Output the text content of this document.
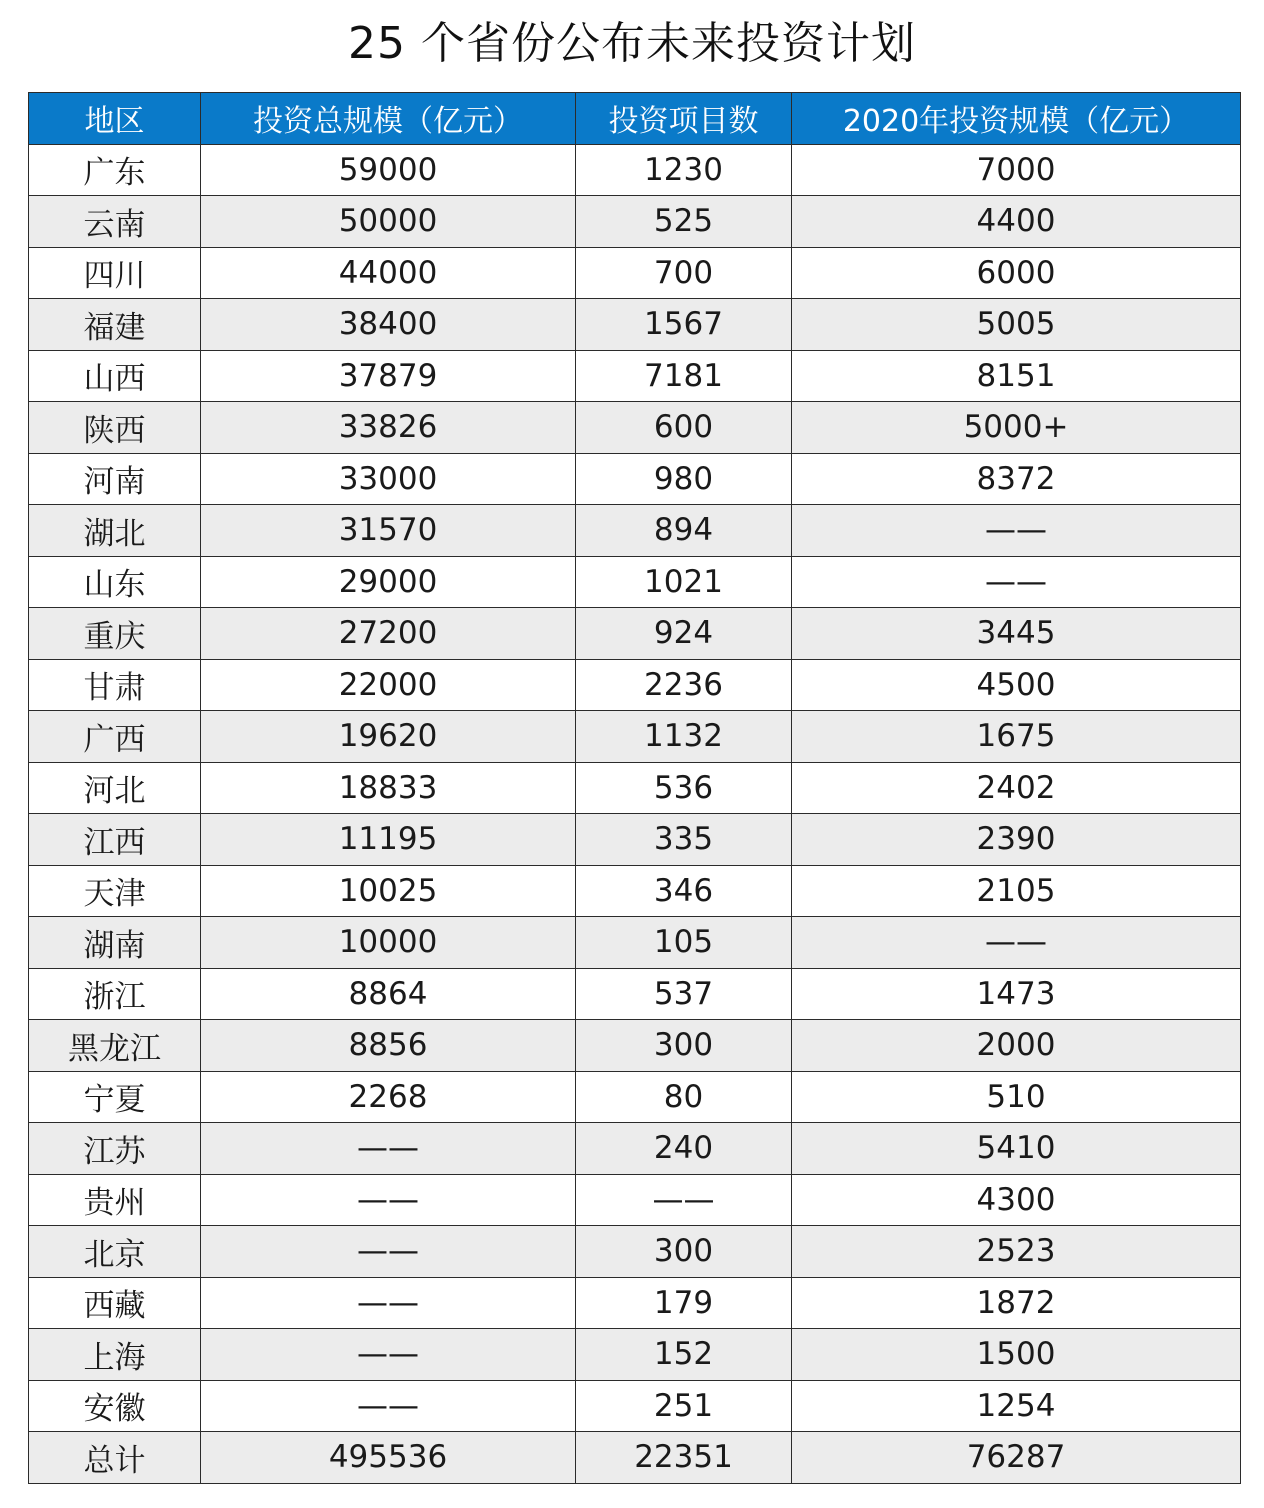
25 个省份公布未来投资计划
地区	投资总规模（亿元）	投资项目数	2020年投资规模（亿元）
广东	59000	1230	7000
云南	50000	525	4400
四川	44000	700	6000
福建	38400	1567	5005
山西	37879	7181	8151
陕西	33826	600	5000+
河南	33000	980	8372
湖北	31570	894	——
山东	29000	1021	——
重庆	27200	924	3445
甘肃	22000	2236	4500
广西	19620	1132	1675
河北	18833	536	2402
江西	11195	335	2390
天津	10025	346	2105
湖南	10000	105	——
浙江	8864	537	1473
黑龙江	8856	300	2000
宁夏	2268	80	510
江苏	——	240	5410
贵州	——	——	4300
北京	——	300	2523
西藏	——	179	1872
上海	——	152	1500
安徽	——	251	1254
总计	495536	22351	76287
